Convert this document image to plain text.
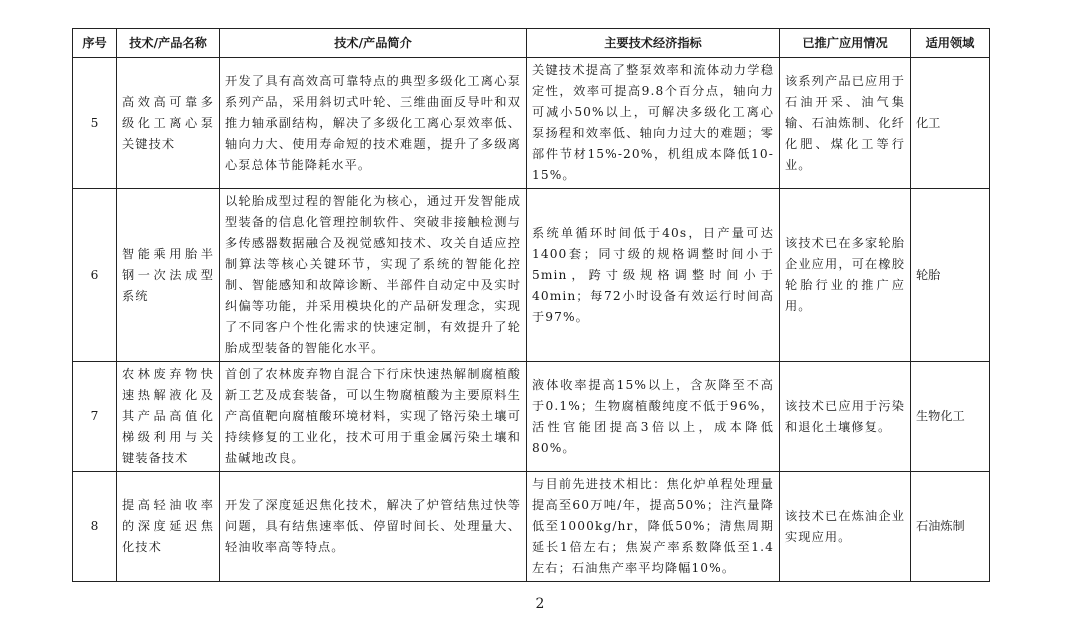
序号	技术/产品名称	技术/产品简介	主要技术经济指标	已推广应用情况	适用领域
5	高效高可靠多级化工离心泵关键技术	开发了具有高效高可靠特点的典型多级化工离心泵系列产品，采用斜切式叶轮、三维曲面反导叶和双推力轴承副结构，解决了多级化工离心泵效率低、轴向力大、使用寿命短的技术难题，提升了多级离心泵总体节能降耗水平。	关键技术提高了整泵效率和流体动力学稳定性，效率可提高9.8个百分点，轴向力可减小50%以上，可解决多级化工离心泵扬程和效率低、轴向力过大的难题；零部件节材15%-20%，机组成本降低10-15%。	该系列产品已应用于石油开采、油气集输、石油炼制、化纤化肥、煤化工等行业。	化工
6	智能乘用胎半钢一次法成型系统	以轮胎成型过程的智能化为核心，通过开发智能成型装备的信息化管理控制软件、突破非接触检测与多传感器数据融合及视觉感知技术、攻关自适应控制算法等核心关键环节，实现了系统的智能化控制、智能感知和故障诊断、半部件自动定中及实时纠偏等功能，并采用模块化的产品研发理念，实现了不同客户个性化需求的快速定制，有效提升了轮胎成型装备的智能化水平。	系统单循环时间低于40s，日产量可达1400套；同寸级的规格调整时间小于5min，跨寸级规格调整时间小于40min；每72小时设备有效运行时间高于97%。	该技术已在多家轮胎企业应用，可在橡胶轮胎行业的推广应用。	轮胎
7	农林废弃物快速热解液化及其产品高值化梯级利用与关键装备技术	首创了农林废弃物自混合下行床快速热解制腐植酸新工艺及成套装备，可以生物腐植酸为主要原料生产高值靶向腐植酸环境材料，实现了铬污染土壤可持续修复的工业化，技术可用于重金属污染土壤和盐碱地改良。	液体收率提高15%以上，含灰降至不高于0.1%；生物腐植酸纯度不低于96%，活性官能团提高3倍以上，成本降低80%。	该技术已应用于污染和退化土壤修复。	生物化工
8	提高轻油收率的深度延迟焦化技术	开发了深度延迟焦化技术，解决了炉管结焦过快等问题，具有结焦速率低、停留时间长、处理量大、轻油收率高等特点。	与目前先进技术相比：焦化炉单程处理量提高至60万吨/年，提高50%；注汽量降低至1000kg/hr，降低50%；清焦周期延长1倍左右；焦炭产率系数降低至1.4左右；石油焦产率平均降幅10%。	该技术已在炼油企业实现应用。	石油炼制
2
